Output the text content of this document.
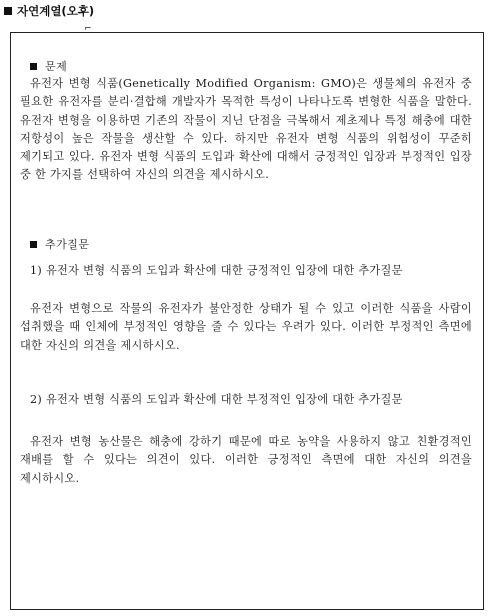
자연계열(오후)
⌐
문제
유전자 변형 식품(Genetically Modified Organism: GMO)은 생물체의 유전자 중 필요한 유전자를 분리·결합해 개발자가 목적한 특성이 나타나도록 변형한 식품을 말한다. 유전자 변형을 이용하면 기존의 작물이 지닌 단점을 극복해서 제초제나 특정 해충에 대한 저항성이 높은 작물을 생산할 수 있다. 하지만 유전자 변형 식품의 위험성이 꾸준히 제기되고 있다. 유전자 변형 식품의 도입과 확산에 대해서 긍정적인 입장과 부정적인 입장 중 한 가지를 선택하여 자신의 의견을 제시하시오.
추가질문
1) 유전자 변형 식품의 도입과 확산에 대한 긍정적인 입장에 대한 추가질문
유전자 변형으로 작물의 유전자가 불안정한 상태가 될 수 있고 이러한 식품을 사람이 섭취했을 때 인체에 부정적인 영향을 줄 수 있다는 우려가 있다. 이러한 부정적인 측면에 대한 자신의 의견을 제시하시오.
2) 유전자 변형 식품의 도입과 확산에 대한 부정적인 입장에 대한 추가질문
유전자 변형 농산물은 해충에 강하기 때문에 따로 농약을 사용하지 않고 친환경적인 재배를 할 수 있다는 의견이 있다. 이러한 긍정적인 측면에 대한 자신의 의견을 제시하시오.
